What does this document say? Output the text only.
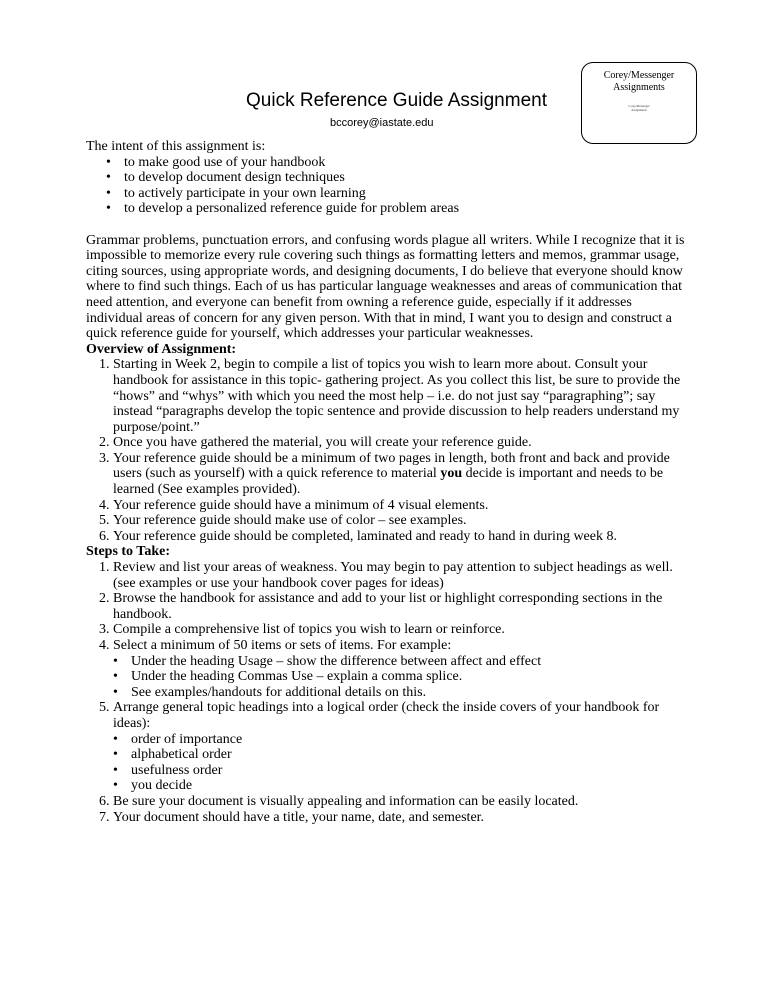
Quick Reference Guide Assignment
bccorey@iastate.edu
Corey/Messenger
Assignments
Corey/Messenger
Assignments
The intent of this assignment is:
• to make good use of your handbook
• to develop document design techniques
• to actively participate in your own learning
• to develop a personalized reference guide for problem areas
Grammar problems, punctuation errors, and confusing words plague all writers. While I recognize that it is impossible to memorize every rule covering such things as formatting letters and memos, grammar usage, citing sources, using appropriate words, and designing documents, I do believe that everyone should know where to find such things. Each of us has particular language weaknesses and areas of communication that need attention, and everyone can benefit from owning a reference guide, especially if it addresses individual areas of concern for any given person. With that in mind, I want you to design and construct a quick reference guide for yourself, which addresses your particular weaknesses.
Overview of Assignment:
1. Starting in Week 2, begin to compile a list of topics you wish to learn more about. Consult your handbook for assistance in this topic- gathering project. As you collect this list, be sure to provide the “hows” and “whys” with which you need the most help – i.e. do not just say “paragraphing”; say instead “paragraphs develop the topic sentence and provide discussion to help readers understand my purpose/point.”
2. Once you have gathered the material, you will create your reference guide.
3. Your reference guide should be a minimum of two pages in length, both front and back and provide users (such as yourself) with a quick reference to material you decide is important and needs to be learned (See examples provided).
4. Your reference guide should have a minimum of 4 visual elements.
5. Your reference guide should make use of color – see examples.
6. Your reference guide should be completed, laminated and ready to hand in during week 8.
Steps to Take:
1. Review and list your areas of weakness. You may begin to pay attention to subject headings as well. (see examples or use your handbook cover pages for ideas)
2. Browse the handbook for assistance and add to your list or highlight corresponding sections in the handbook.
3. Compile a comprehensive list of topics you wish to learn or reinforce.
4. Select a minimum of 50 items or sets of items. For example:
• Under the heading Usage – show the difference between affect and effect
• Under the heading Commas Use – explain a comma splice.
• See examples/handouts for additional details on this.
5. Arrange general topic headings into a logical order (check the inside covers of your handbook for ideas):
• order of importance
• alphabetical order
• usefulness order
• you decide
6. Be sure your document is visually appealing and information can be easily located.
7. Your document should have a title, your name, date, and semester.
